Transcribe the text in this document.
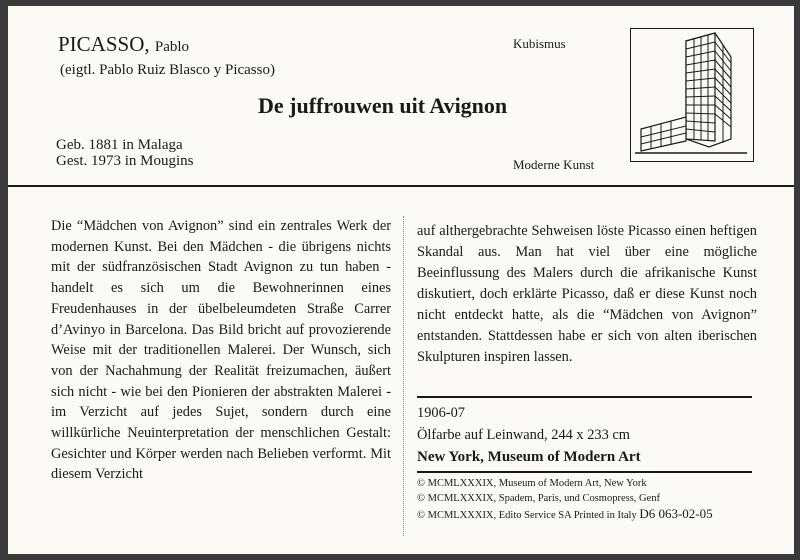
PICASSO, Pablo
(eigtl. Pablo Ruiz Blasco y Picasso)
De juffrouwen uit Avignon
Kubismus
Geb. 1881 in Malaga
Gest. 1973 in Mougins	Moderne Kunst

Die “Mädchen von Avignon” sind ein zentrales Werk der modernen Kunst. Bei den Mädchen - die übrigens nichts mit der südfranzösischen Stadt Avignon zu tun haben - handelt es sich um die Bewohnerinnen eines Freudenhauses in der übelbeleumdeten Straße Carrer d’Avinyo in Barcelona. Das Bild bricht auf provozierende Weise mit der traditionellen Malerei. Der Wunsch, sich von der Nachahmung der Realität freizumachen, äußert sich nicht - wie bei den Pionieren der abstrakten Malerei - im Verzicht auf jedes Sujet, sondern durch eine willkürliche Neuinterpretation der menschlichen Gestalt: Gesichter und Körper werden nach Belieben verformt. Mit diesem Verzicht

auf althergebrachte Sehweisen löste Picasso einen heftigen Skandal aus. Man hat viel über eine mögliche Beeinflussung des Malers durch die afrikanische Kunst diskutiert, doch erklärte Picasso, daß er diese Kunst noch nicht entdeckt hatte, als die “Mädchen von Avignon” entstanden. Stattdessen habe er sich von alten iberischen Skulpturen inspiren lassen.

1906-07
Ölfarbe auf Leinwand, 244 x 233 cm
New York, Museum of Modern Art
© MCMLXXXIX, Museum of Modern Art, New York
© MCMLXXXIX, Spadem, Paris, und Cosmopress, Genf
© MCMLXXXIX, Edito Service SA Printed in Italy D6 063-02-05
